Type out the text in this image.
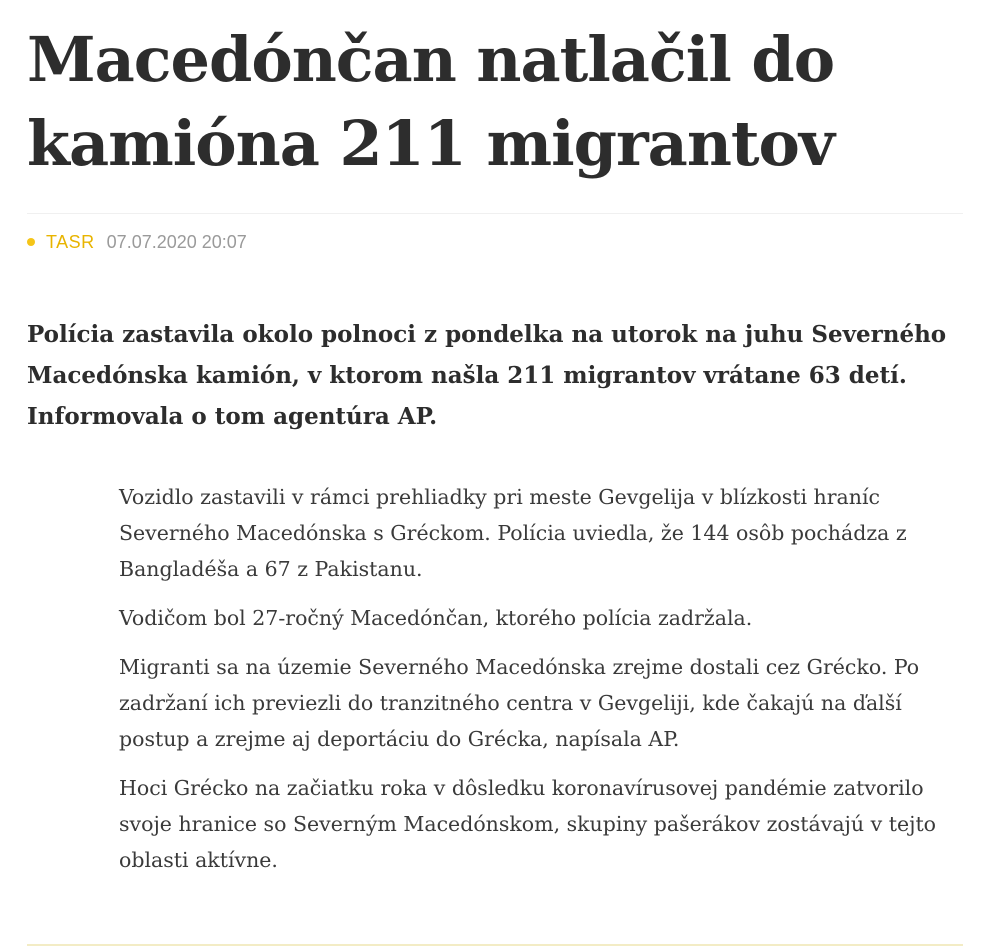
Macedónčan natlačil do kamióna 211 migrantov
TASR 07.07.2020 20:07

Polícia zastavila okolo polnoci z pondelka na utorok na juhu Severného Macedónska kamión, v ktorom našla 211 migrantov vrátane 63 detí. Informovala o tom agentúra AP.

Vozidlo zastavili v rámci prehliadky pri meste Gevgelija v blízkosti hraníc Severného Macedónska s Gréckom. Polícia uviedla, že 144 osôb pochádza z Bangladéša a 67 z Pakistanu.

Vodičom bol 27-ročný Macedónčan, ktorého polícia zadržala.

Migranti sa na územie Severného Macedónska zrejme dostali cez Grécko. Po zadržaní ich previezli do tranzitného centra v Gevgeliji, kde čakajú na ďalší postup a zrejme aj deportáciu do Grécka, napísala AP.

Hoci Grécko na začiatku roka v dôsledku koronavírusovej pandémie zatvorilo svoje hranice so Severným Macedónskom, skupiny pašerákov zostávajú v tejto oblasti aktívne.
